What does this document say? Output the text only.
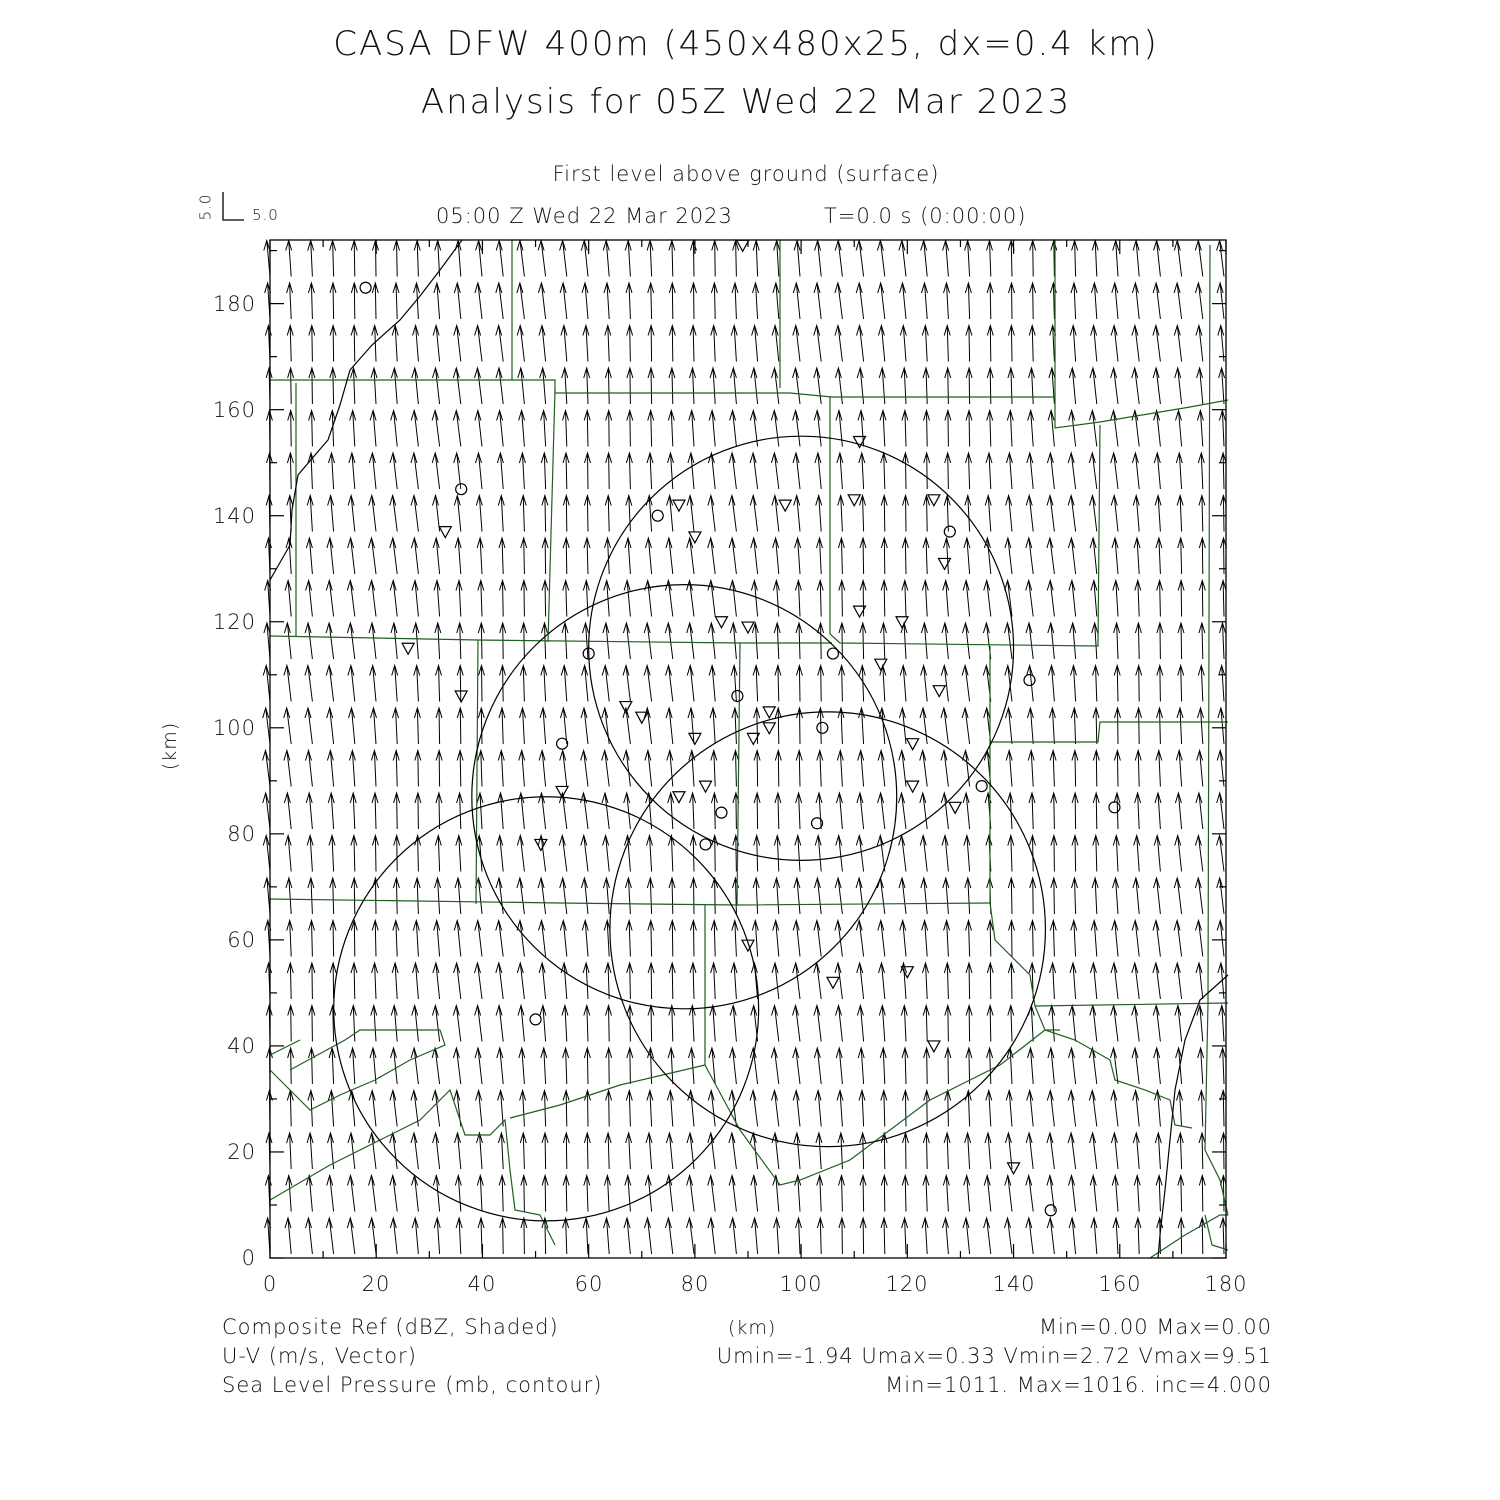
CASA DFW 400m (450x480x25, dx=0.4 km)
Analysis for 05Z Wed 22 Mar 2023
First level above ground (surface)
05:00 Z Wed 22 Mar 2023	T=0.0 s (0:00:00)
5.0	5.0
(km)
0	20	40	60	80	100	120	140	160	180
0
20
40
60
80
100
120
140
160
180
(km)
Composite Ref (dBZ, Shaded)	Min=0.00 Max=0.00
U-V (m/s, Vector)	Umin=-1.94 Umax=0.33 Vmin=2.72 Vmax=9.51
Sea Level Pressure (mb, contour)	Min=1011. Max=1016. inc=4.000
